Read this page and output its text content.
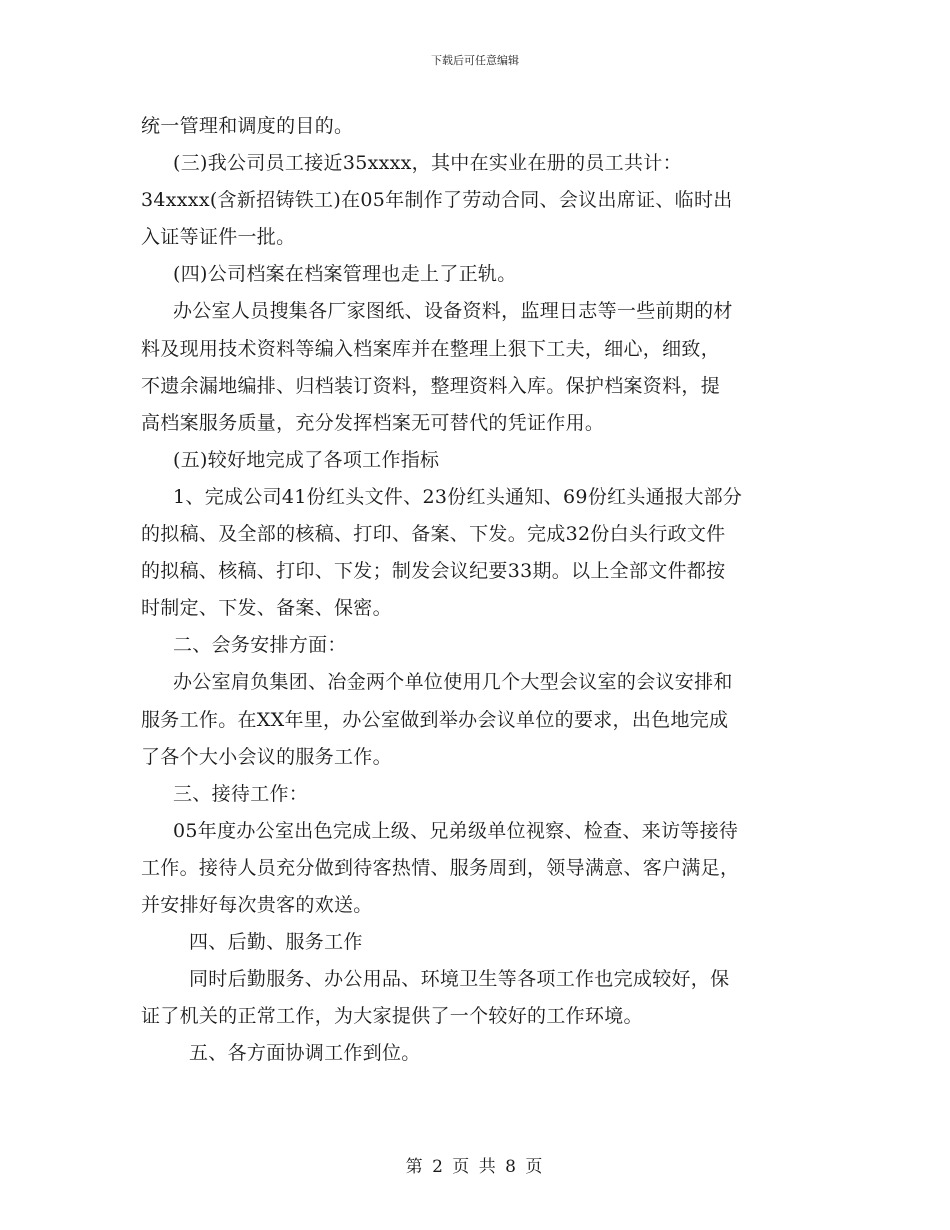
下载后可任意编辑
统一管理和调度的目的。
(三)我公司员工接近35xxxx，其中在实业在册的员工共计：
34xxxx(含新招铸铁工)在05年制作了劳动合同、会议出席证、临时出
入证等证件一批。
(四)公司档案在档案管理也走上了正轨。
办公室人员搜集各厂家图纸、设备资料，监理日志等一些前期的材
料及现用技术资料等编入档案库并在整理上狠下工夫，细心，细致，
不遗余漏地编排、归档装订资料，整理资料入库。保护档案资料，提
高档案服务质量，充分发挥档案无可替代的凭证作用。
(五)较好地完成了各项工作指标
1、完成公司41份红头文件、23份红头通知、69份红头通报大部分
的拟稿、及全部的核稿、打印、备案、下发。完成32份白头行政文件
的拟稿、核稿、打印、下发；制发会议纪要33期。以上全部文件都按
时制定、下发、备案、保密。
二、会务安排方面：
办公室肩负集团、冶金两个单位使用几个大型会议室的会议安排和
服务工作。在XX年里，办公室做到举办会议单位的要求，出色地完成
了各个大小会议的服务工作。
三、接待工作：
05年度办公室出色完成上级、兄弟级单位视察、检查、来访等接待
工作。接待人员充分做到待客热情、服务周到，领导满意、客户满足，
并安排好每次贵客的欢送。
四、后勤、服务工作
同时后勤服务、办公用品、环境卫生等各项工作也完成较好，保
证了机关的正常工作，为大家提供了一个较好的工作环境。
五、各方面协调工作到位。
第 2 页 共 8 页
